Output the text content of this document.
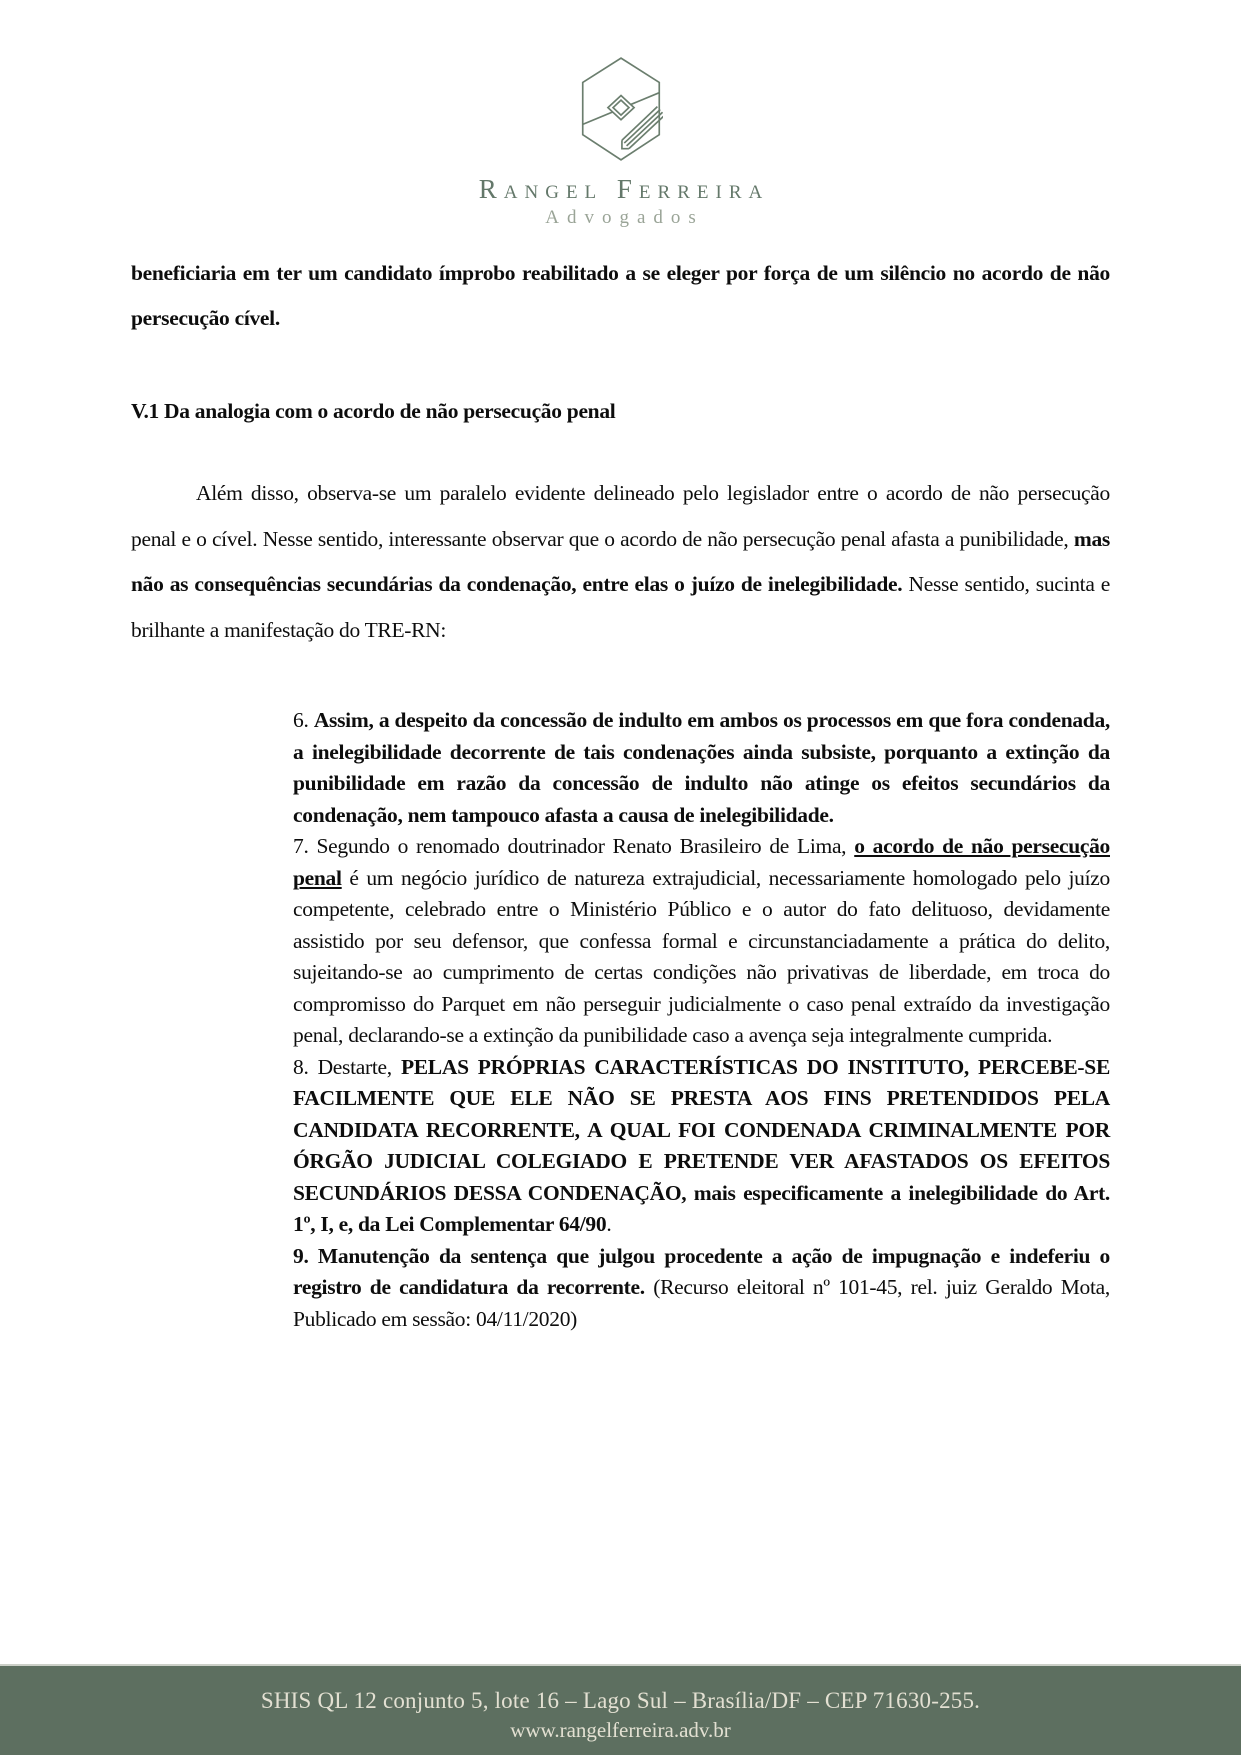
Rangel Ferreira
Advogados

beneficiaria em ter um candidato ímprobo reabilitado a se eleger por força de um silêncio no acordo de não persecução cível.

V.1 Da analogia com o acordo de não persecução penal

Além disso, observa-se um paralelo evidente delineado pelo legislador entre o acordo de não persecução penal e o cível. Nesse sentido, interessante observar que o acordo de não persecução penal afasta a punibilidade, mas não as consequências secundárias da condenação, entre elas o juízo de inelegibilidade. Nesse sentido, sucinta e brilhante a manifestação do TRE-RN:

6. Assim, a despeito da concessão de indulto em ambos os processos em que fora condenada, a inelegibilidade decorrente de tais condenações ainda subsiste, porquanto a extinção da punibilidade em razão da concessão de indulto não atinge os efeitos secundários da condenação, nem tampouco afasta a causa de inelegibilidade.

7. Segundo o renomado doutrinador Renato Brasileiro de Lima, o acordo de não persecução penal é um negócio jurídico de natureza extrajudicial, necessariamente homologado pelo juízo competente, celebrado entre o Ministério Público e o autor do fato delituoso, devidamente assistido por seu defensor, que confessa formal e circunstanciadamente a prática do delito, sujeitando-se ao cumprimento de certas condições não privativas de liberdade, em troca do compromisso do Parquet em não perseguir judicialmente o caso penal extraído da investigação penal, declarando-se a extinção da punibilidade caso a avença seja integralmente cumprida.

8. Destarte, PELAS PRÓPRIAS CARACTERÍSTICAS DO INSTITUTO, PERCEBE-SE FACILMENTE QUE ELE NÃO SE PRESTA AOS FINS PRETENDIDOS PELA CANDIDATA RECORRENTE, A QUAL FOI CONDENADA CRIMINALMENTE POR ÓRGÃO JUDICIAL COLEGIADO E PRETENDE VER AFASTADOS OS EFEITOS SECUNDÁRIOS DESSA CONDENAÇÃO, mais especificamente a inelegibilidade do Art. 1º, I, e, da Lei Complementar 64/90.

9. Manutenção da sentença que julgou procedente a ação de impugnação e indeferiu o registro de candidatura da recorrente. (Recurso eleitoral nº 101-45, rel. juiz Geraldo Mota, Publicado em sessão: 04/11/2020)

SHIS QL 12 conjunto 5, lote 16 – Lago Sul – Brasília/DF – CEP 71630-255.
www.rangelferreira.adv.br
